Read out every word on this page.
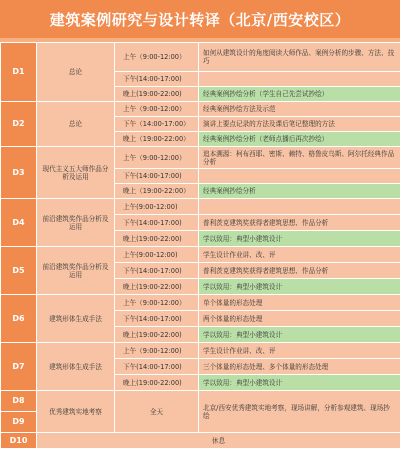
建筑案例研究与设计转译（北京/西安校区）
D1	总论	上午（9:00-12:00）	如何从建筑设计的角度阅读大师作品、案例分析的步骤、方法、技巧
		下午(14:00-17:00)	
		晚上(19:00-22:00)	经典案例抄绘分析（学生自己先尝试抄绘）
D2	总论	上午（9:00-12:00）	经典案例抄绘方法及示范
		下午（14:00-17:00）	演讲上要点记录的方法及课后笔记整理的方法
		晚上（19:00-22:00）	经典案例抄绘分析（老师点播后再次抄绘）
D3	现代主义五大师作品分析及运用	上午（9:00-12:00）	追本溯源：柯布西耶、密斯、赖特、格鲁皮乌斯、阿尔托经典作品分析
		下午(14:00-17:00)	
		晚上（19:00-22:00）	经典案例抄绘分析
D4	前沿建筑奖作品分析及运用	上午(9:00-12:00)	
		下午(14:00-17:00)	普利茨克建筑奖获得者建筑思想、作品分析
		晚上(19:00-22:00)	学以致用：典型小建筑设计
D5	前沿建筑奖作品分析及运用	上午(9:00-12:00)	学生设计作业讲、改、评
		下午(14:00-17:00)	普利茨克建筑奖获得者建筑思想、作品分析
		晚上(19:00-22:00)	学以致用：典型小建筑设计
D6	建筑形体生成手法	上午（9:00-12:00）	单个体量的形态处理
		下午(14:00-17:00)	两个体量的形态处理
		晚上(19:00-22:00)	学以致用：典型小建筑设计
D7	建筑形体生成手法	上午（9:00-12:00)	学生设计作业讲、改、评
		下午(14:00-17:00)	三个体量的形态处理、多个体量的形态处理
		晚上(19:00-22:00)	学以致用：典型小建筑设计
D8	优秀建筑实地考察	全天	北京/西安优秀建筑实地考察，现场讲解，分析参观建筑、现场抄绘
D9			
D10	休息		
